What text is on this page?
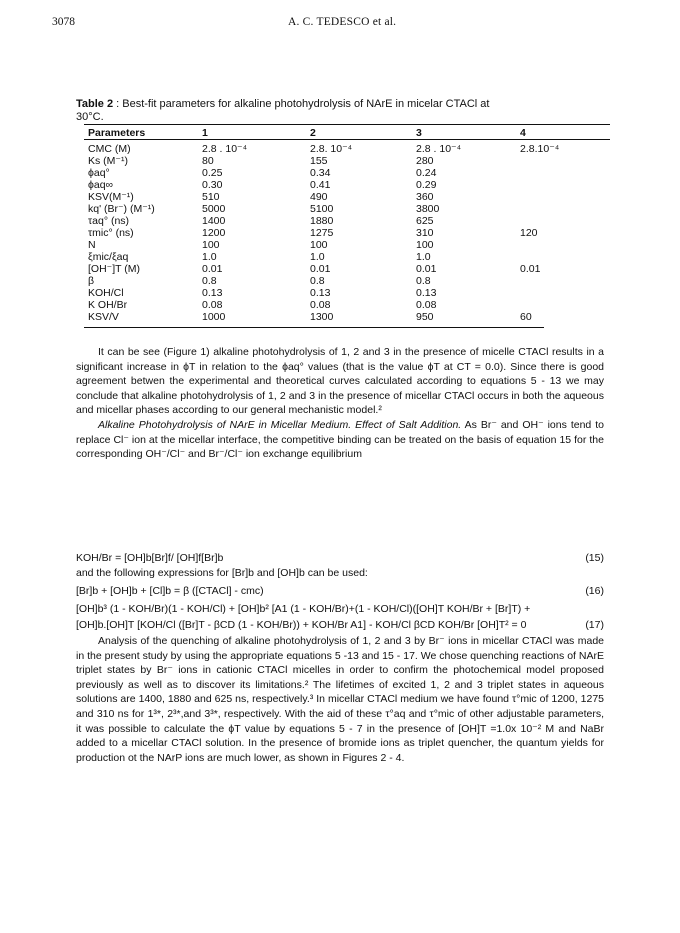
3078	A. C. TEDESCO et al.
Table 2 : Best-fit parameters for alkaline photohydrolysis of NArE in micelar CTACl at
30°C.
Parameters	1	2	3	4
CMC (M)	2.8 . 10⁻⁴	2.8. 10⁻⁴	2.8 . 10⁻⁴	2.8.10⁻⁴
Ks (M⁻¹)	80	155	280
ϕaq°	0.25	0.34	0.24
ϕaq∞	0.30	0.41	0.29
KSV(M⁻¹)	510	490	360
kq' (Br⁻) (M⁻¹)	5000	5100	3800
τaq° (ns)	1400	1880	625
τmic° (ns)	1200	1275	310	120
N	100	100	100
ξmic/ξaq	1.0	1.0	1.0
[OH⁻]T (M)	0.01	0.01	0.01	0.01
β	0.8	0.8	0.8
KOH/Cl	0.13	0.13	0.13
K OH/Br	0.08	0.08	0.08
KSV/V	1000	1300	950	60

It can be see (Figure 1) alkaline photohydrolysis of 1, 2 and 3 in the presence of micelle CTACl results in a significant increase in ϕT in relation to the ϕaq° values (that is the value ϕT at CT = 0.0). Since there is good agreement betwen the experimental and theoretical curves calculated according to equations 5 - 13 we may conclude that alkaline photohydrolysis of 1, 2 and 3 in the presence of micellar CTACl occurs in both the aqueous and micellar phases according to our general mechanistic model.²

Alkaline Photohydrolysis of NArE in Micellar Medium. Effect of Salt Addition. As Br⁻ and OH⁻ ions tend to replace Cl⁻ ion at the micellar interface, the competitive binding can be treated on the basis of equation 15 for the corresponding OH⁻/Cl⁻ and Br⁻/Cl⁻ ion exchange equilibrium

KOH/Br = [OH]b[Br]f/ [OH]f[Br]b	(15)
and the following expressions for [Br]b and [OH]b can be used:
[Br]b + [OH]b + [Cl]b = β ([CTACl] - cmc)	(16)
[OH]b³ (1 - KOH/Br)(1 - KOH/Cl) + [OH]b² [A1 (1 - KOH/Br)+(1 - KOH/Cl)([OH]T KOH/Br + [Br]T) +
[OH]b.[OH]T [KOH/Cl ([Br]T - βCD (1 - KOH/Br)) + KOH/Br A1] - KOH/Cl βCD KOH/Br [OH]T² = 0	(17)

Analysis of the quenching of alkaline photohydrolysis of 1, 2 and 3 by Br⁻ ions in micellar CTACl was made in the present study by using the appropriate equations 5 -13 and 15 - 17. We chose quenching reactions of NArE triplet states by Br⁻ ions in cationic CTACl micelles in order to confirm the photochemical model proposed previously as well as to discover its limitations.² The lifetimes of excited 1, 2 and 3 triplet states in aqueous solutions are 1400, 1880 and 625 ns, respectively.³ In micellar CTACl medium we have found τ°mic of 1200, 1275 and 310 ns for 1³*, 2³*,and 3³*, respectively. With the aid of these τ°aq and τ°mic of other adjustable parameters, it was possible to calculate the ϕT value by equations 5 - 7 in the presence of [OH]T =1.0x 10⁻² M and NaBr added to a micellar CTACl solution. In the presence of bromide ions as triplet quencher, the quantum yields for production ot the NArP ions are much lower, as shown in Figures 2 - 4.
